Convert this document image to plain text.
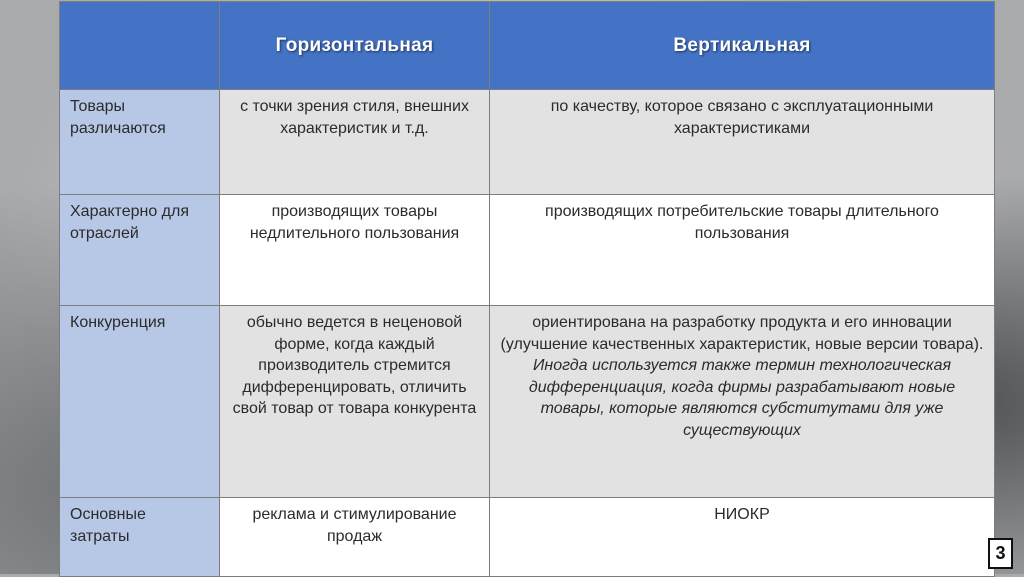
	Горизонтальная	Вертикальная

Товары различаются	с точки зрения стиля, внешних характеристик и т.д.	по качеству, которое связано с эксплуатационными характеристиками

Характерно для отраслей	производящих товары недлительного пользования	производящих потребительские товары длительного пользования

Конкуренция	обычно ведется в неценовой форме, когда каждый производитель стремится дифференцировать, отличить свой товар от товара конкурента	ориентирована на разработку продукта и его инновации (улучшение качественных характеристик, новые версии товара). Иногда используется также термин технологическая дифференциация, когда фирмы разрабатывают новые товары, которые являются субститутами для уже существующих

Основные затраты	реклама и стимулирование продаж	НИОКР
3
